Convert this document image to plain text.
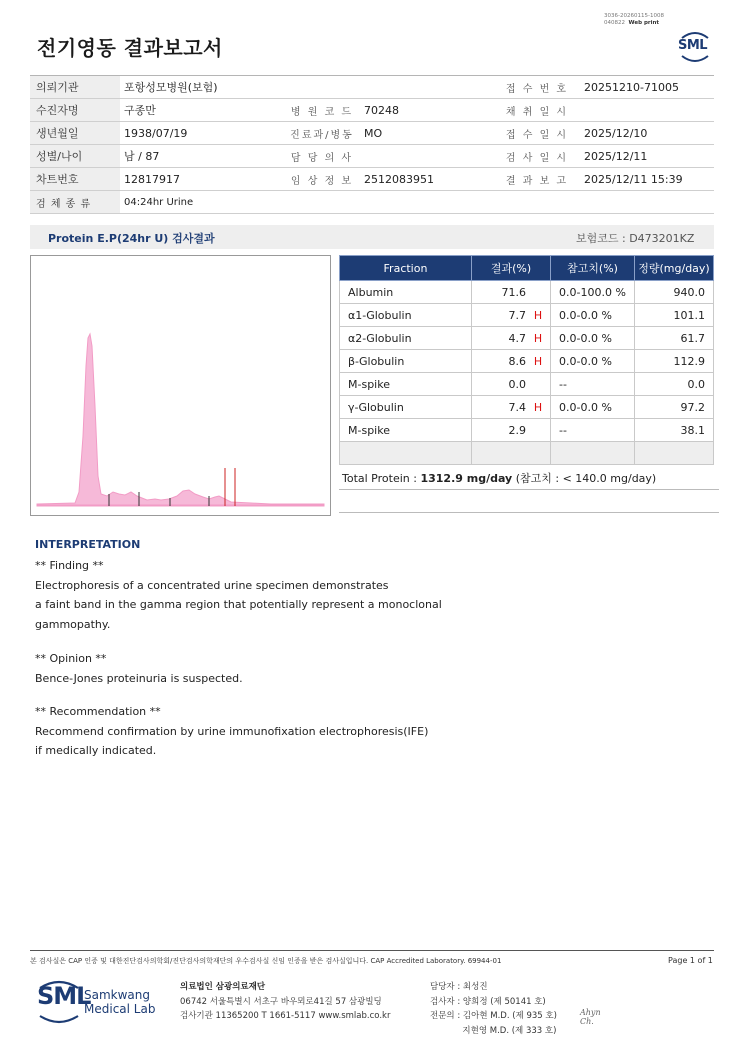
3036-20260115-1008
040822 Web print
전기영동 결과보고서	SML
의뢰기관	포항성모병원(보험)			접 수 번 호	20251210-71005
수진자명	구종만	병 원 코 드	70248	채 취 일 시	
생년월일	1938/07/19	진료과/병동	MO	접 수 일 시	2025/12/10
성별/나이	남 / 87	담 당 의 사		검 사 일 시	2025/12/11
차트번호	12817917	임 상 정 보	2512083951	결 과 보 고	2025/12/11 15:39
검 체 종 류	04:24hr Urine				
Protein E.P(24hr U) 검사결과	보험코드 : D473201KZ
Fraction	결과(%)	참고치(%)	정량(mg/day)
Albumin	71.6	0.0-100.0 %	940.0
α1-Globulin	7.7 H	0.0-0.0 %	101.1
α2-Globulin	4.7 H	0.0-0.0 %	61.7
β-Globulin	8.6 H	0.0-0.0 %	112.9
M-spike	0.0	--	0.0
γ-Globulin	7.4 H	0.0-0.0 %	97.2
M-spike	2.9	--	38.1

Total Protein : 1312.9 mg/day (참고치 : < 140.0 mg/day)
INTERPRETATION
** Finding **
Electrophoresis of a concentrated urine specimen demonstrates
a faint band in the gamma region that potentially represent a monoclonal
gammopathy.
** Opinion **
Bence-Jones proteinuria is suspected.
** Recommendation **
Recommend confirmation by urine immunofixation electrophoresis(IFE)
if medically indicated.
본 검사실은 CAP 인증 및 대한진단검사의학회/진단검사의학재단의 우수검사실 신임 인증을 받은 검사실입니다. CAP Accredited Laboratory. 69944-01	Page 1 of 1
SML
Samkwang
Medical Lab
의료법인 삼광의료재단
06742 서울특별시 서초구 바우뫼로41길 57 삼광빌딩
검사기관 11365200 T 1661-5117 www.smlab.co.kr
담당자 : 최성진
검사자 : 양희정 (제 50141 호)
전문의 : 김아현 M.D. (제 935 호)
지현영 M.D. (제 333 호)
Ahyn
Ch.
